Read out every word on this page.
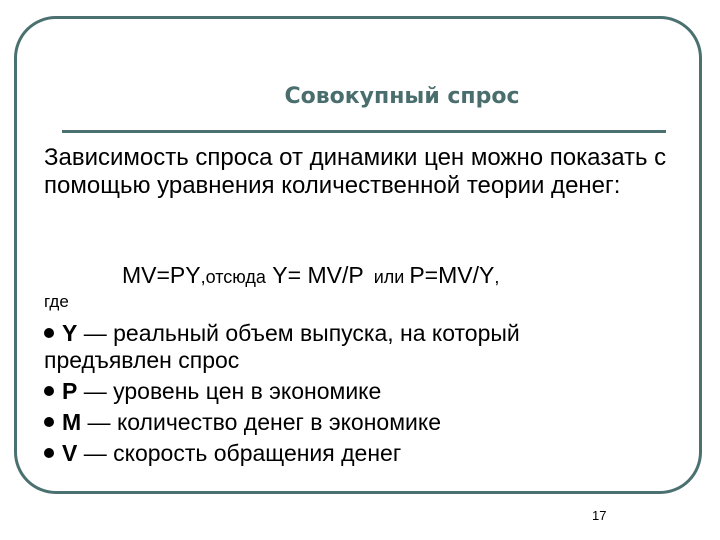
Совокупный спрос
Зависимость спроса от динамики цен можно показать с помощью уравнения количественной теории денег:
MV=PY,отсюда Y= MV/P  или P=MV/Y,
где
Y — реальный объем выпуска, на который
предъявлен спрос
P — уровень цен в экономике
M — количество денег в экономике
V — скорость обращения денег
17
